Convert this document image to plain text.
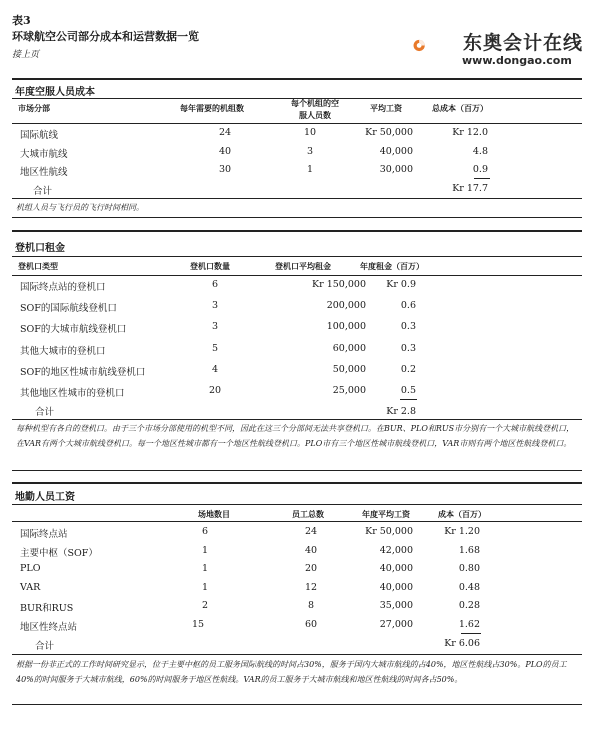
表3
环球航空公司部分成本和运营数据一览
接上页
东奥会计在线
www.dongao.com
年度空服人员成本
市场分部	每年需要的机组数	每个机组的空
服人员数
平均工资	总成本（百万）
国际航线	24	10	Kr 50,000	Kr 12.0
大城市航线	40	3	40,000	4.8
地区性航线	30	1	30,000	0.9
合计	Kr 17.7
机组人员与飞行员的飞行时间相同。
登机口租金
登机口类型	登机口数量	登机口平均租金	年度租金（百万）
国际终点站的登机口	6	Kr 150,000	Kr 0.9
SOF的国际航线登机口	3	200,000	0.6
SOF的大城市航线登机口	3	100,000	0.3
其他大城市的登机口	5	60,000	0.3
SOF的地区性城市航线登机口	4	50,000	0.2
其他地区性城市的登机口	20	25,000	0.5
合计	Kr 2.8
每种机型有各自的登机口。由于三个市场分部使用的机型不同，因此在这三个分部间无法共享登机口。在BUR、PLO和RUS市分别有一个大城市航线登机口，在VAR有两个大城市航线登机口。每一个地区性城市都有一个地区性航线登机口。PLO市有三个地区性城市航线登机口，VAR市则有两个地区性航线登机口。
地勤人员工资
场地数目	员工总数	年度平均工资	成本（百万）
国际终点站	6	24	Kr 50,000	Kr 1.20
主要中枢（SOF）	1	40	42,000	1.68
PLO	1	20	40,000	0.80
VAR	1	12	40,000	0.48
BUR和RUS	2	8	35,000	0.28
地区性终点站	15	60	27,000	1.62
合计	Kr 6.06
根据一份非正式的工作时间研究显示，位于主要中枢的员工服务国际航线的时间占30%，服务于国内大城市航线的占40%，地区性航线占30%。PLO的员工40%的时间服务于大城市航线，60%的时间服务于地区性航线。VAR的员工服务于大城市航线和地区性航线的时间各占50%。
